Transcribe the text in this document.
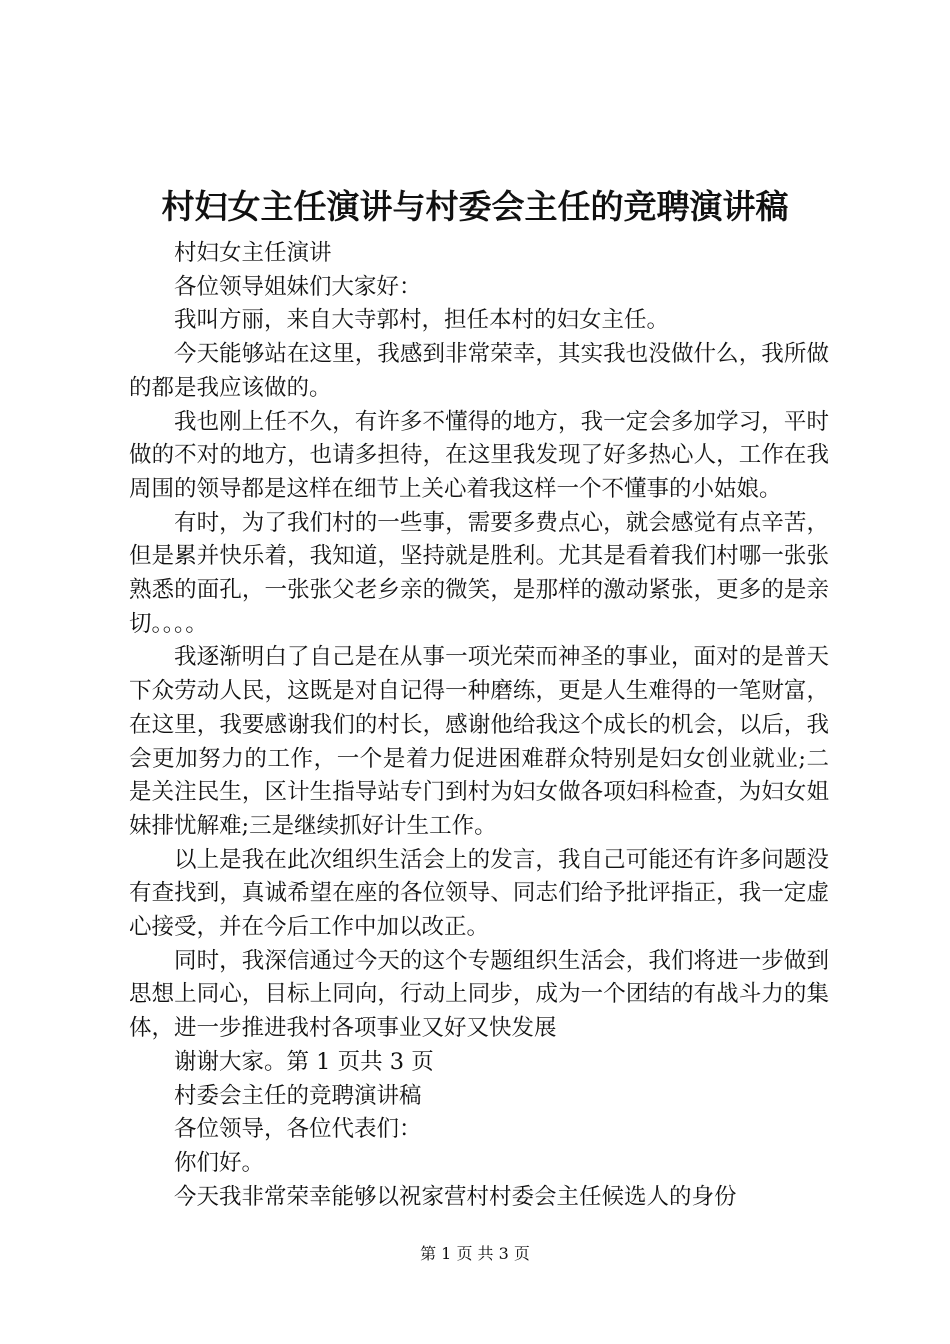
村妇女主任演讲与村委会主任的竞聘演讲稿

村妇女主任演讲

各位领导姐妹们大家好：

我叫方丽，来自大寺郭村，担任本村的妇女主任。

今天能够站在这里，我感到非常荣幸，其实我也没做什么，我所做的都是我应该做的。

我也刚上任不久，有许多不懂得的地方，我一定会多加学习，平时做的不对的地方，也请多担待，在这里我发现了好多热心人，工作在我周围的领导都是这样在细节上关心着我这样一个不懂事的小姑娘。

有时，为了我们村的一些事，需要多费点心，就会感觉有点辛苦，但是累并快乐着，我知道，坚持就是胜利。尤其是看着我们村哪一张张熟悉的面孔，一张张父老乡亲的微笑，是那样的激动紧张，更多的是亲切。。。。

我逐渐明白了自己是在从事一项光荣而神圣的事业，面对的是普天下众劳动人民，这既是对自记得一种磨练，更是人生难得的一笔财富，在这里，我要感谢我们的村长，感谢他给我这个成长的机会，以后，我会更加努力的工作，一个是着力促进困难群众特别是妇女创业就业;二是关注民生，区计生指导站专门到村为妇女做各项妇科检查，为妇女姐妹排忧解难;三是继续抓好计生工作。

以上是我在此次组织生活会上的发言，我自己可能还有许多问题没有查找到，真诚希望在座的各位领导、同志们给予批评指正，我一定虚心接受，并在今后工作中加以改正。

同时，我深信通过今天的这个专题组织生活会，我们将进一步做到思想上同心，目标上同向，行动上同步，成为一个团结的有战斗力的集体，进一步推进我村各项事业又好又快发展

谢谢大家。第 1 页共 3 页

村委会主任的竞聘演讲稿

各位领导，各位代表们：

你们好。

今天我非常荣幸能够以祝家营村村委会主任候选人的身份

第 1 页 共 3 页
